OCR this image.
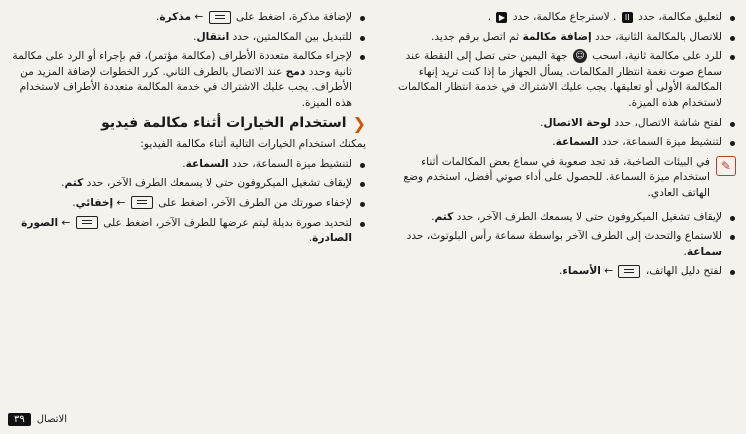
لتعليق مكالمة، حدد II . لاسترجاع مكالمة، حدد ▶ .
للاتصال بالمكالمة الثانية، حدد إضافة مكالمة ثم اتصل برقم جديد.
للرد على مكالمة ثانية، اسحب ☺ جهة اليمين حتى تصل إلى النقطة عند سماع صوت نغمة انتظار المكالمات. يسأل الجهاز ما إذا كنت تريد إنهاء المكالمة الأولى أو تعليقها. يجب عليك الاشتراك في خدمة انتظار المكالمات لاستخدام هذه الميزة.
لفتح شاشة الاتصال، حدد لوحة الاتصال.
لتنشيط ميزة السماعة، حدد السماعة.
✎
في البيئات الصاخبة، قد تجد صعوبة في سماع بعض المكالمات أثناء استخدام ميزة السماعة. للحصول على أداء صوتي أفضل، استخدم وضع الهاتف العادي.
لإيقاف تشغيل الميكروفون حتى لا يسمعك الطرف الآخر، حدد كتم.
للاستماع والتحدث إلى الطرف الآخر بواسطة سماعة رأس البلوتوث، حدد سماعة.
لفتح دليل الهاتف،
← الأسماء.
لإضافة مذكرة، اضغط على
← مذكرة.
للتبديل بين المكالمتين، حدد انتقال.
لإجراء مكالمة متعددة الأطراف (مكالمة مؤتمر)، قم بإجراء أو الرد على مكالمة ثانية وحدد دمج عند الاتصال بالطرف الثاني. كرر الخطوات لإضافة المزيد من الأطراف. يجب عليك الاشتراك في خدمة المكالمة متعددة الأطراف لاستخدام هذه الميزة.
❮
استخدام الخيارات أثناء مكالمة فيديو
يمكنك استخدام الخيارات التالية أثناء مكالمة الفيديو:
لتنشيط ميزة السماعة، حدد السماعة.
لإيقاف تشغيل الميكروفون حتى لا يسمعك الطرف الآخر، حدد كتم.
لإخفاء صورتك من الطرف الآخر، اضغط على
← إخفائي.
لتحديد صورة بديلة ليتم عرضها للطرف الآخر، اضغط على
← الصورة الصادرة.
الاتصال
٣٩
